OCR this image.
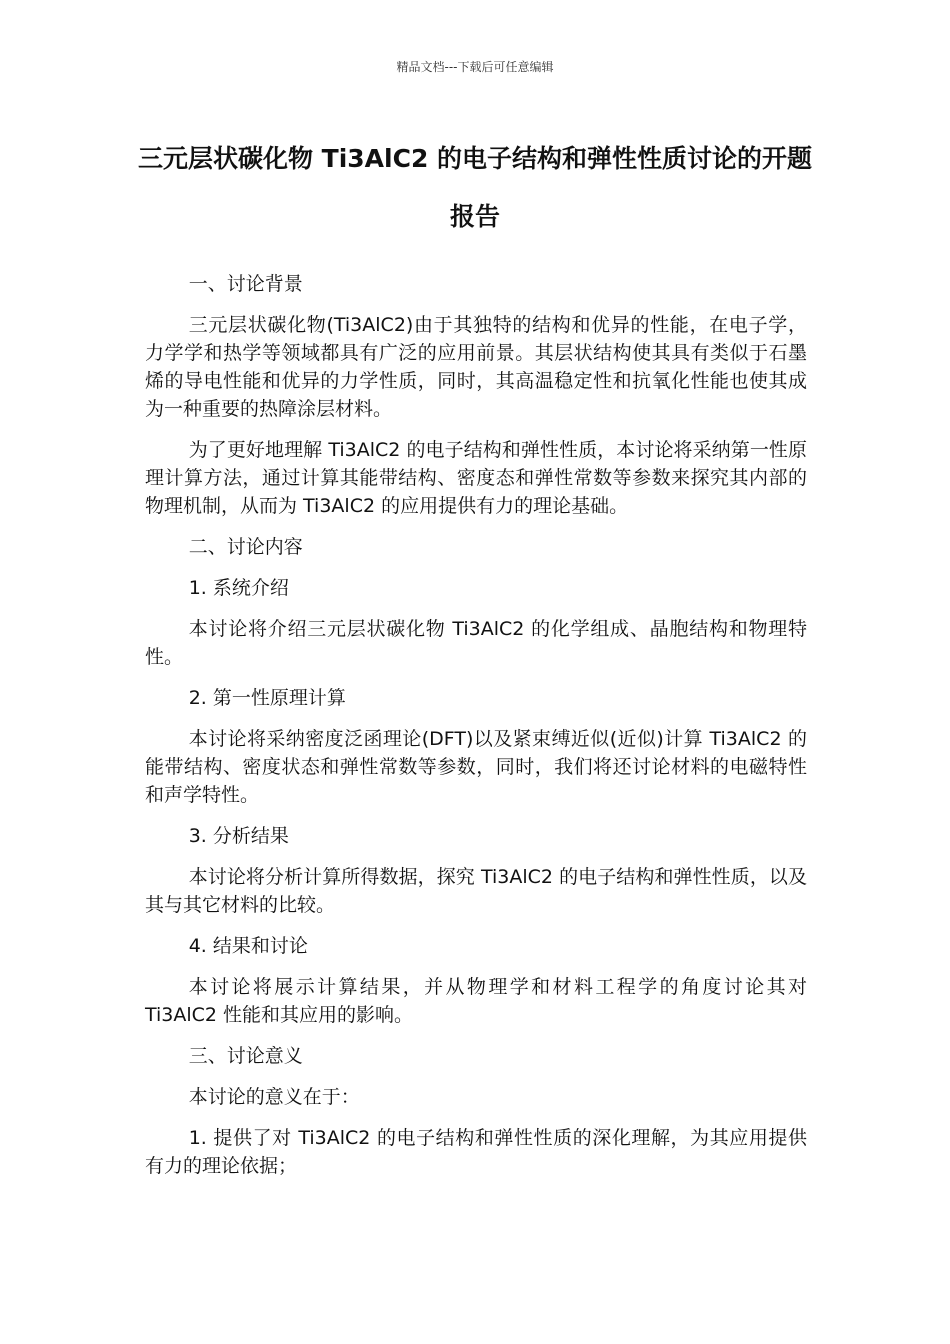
精品文档---下载后可任意编辑
三元层状碳化物 Ti3AlC2 的电子结构和弹性性质讨论的开题报告

一、讨论背景

三元层状碳化物(Ti3AlC2)由于其独特的结构和优异的性能，在电子学，力学学和热学等领域都具有广泛的应用前景。其层状结构使其具有类似于石墨烯的导电性能和优异的力学性质，同时，其高温稳定性和抗氧化性能也使其成为一种重要的热障涂层材料。

为了更好地理解 Ti3AlC2 的电子结构和弹性性质，本讨论将采纳第一性原理计算方法，通过计算其能带结构、密度态和弹性常数等参数来探究其内部的物理机制，从而为 Ti3AlC2 的应用提供有力的理论基础。

二、讨论内容

1. 系统介绍

本讨论将介绍三元层状碳化物 Ti3AlC2 的化学组成、晶胞结构和物理特性。

2. 第一性原理计算

本讨论将采纳密度泛函理论(DFT)以及紧束缚近似(近似)计算 Ti3AlC2 的能带结构、密度状态和弹性常数等参数，同时，我们将还讨论材料的电磁特性和声学特性。

3. 分析结果

本讨论将分析计算所得数据，探究 Ti3AlC2 的电子结构和弹性性质，以及其与其它材料的比较。

4. 结果和讨论

本讨论将展示计算结果，并从物理学和材料工程学的角度讨论其对 Ti3AlC2 性能和其应用的影响。

三、讨论意义

本讨论的意义在于：

1. 提供了对 Ti3AlC2 的电子结构和弹性性质的深化理解，为其应用提供有力的理论依据；
